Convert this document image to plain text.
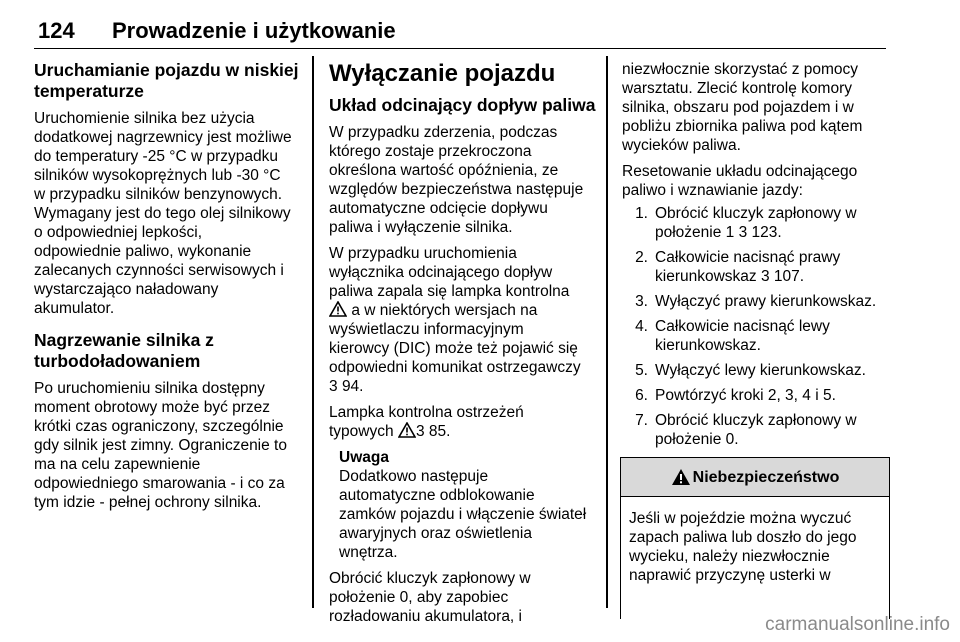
124 Prowadzenie i użytkowanie
Uruchamianie pojazdu w niskiej
temperaturze
Uruchomienie silnika bez użycia
dodatkowej nagrzewnicy jest możliwe
do temperatury -25 °C w przypadku
silników wysokoprężnych lub -30 °C
w przypadku silników benzynowych.
Wymagany jest do tego olej silnikowy
o odpowiedniej lepkości,
odpowiednie paliwo, wykonanie
zalecanych czynności serwisowych i
wystarczająco naładowany
akumulator.
Nagrzewanie silnika z
turbodoładowaniem
Po uruchomieniu silnika dostępny
moment obrotowy może być przez
krótki czas ograniczony, szczególnie
gdy silnik jest zimny. Ograniczenie to
ma na celu zapewnienie
odpowiedniego smarowania - i co za
tym idzie - pełnej ochrony silnika.
Wyłączanie pojazdu
Układ odcinający dopływ paliwa
W przypadku zderzenia, podczas
którego zostaje przekroczona
określona wartość opóźnienia, ze
względów bezpieczeństwa następuje
automatyczne odcięcie dopływu
paliwa i wyłączenie silnika.
W przypadku uruchomienia
wyłącznika odcinającego dopływ
paliwa zapala się lampka kontrolna
a w niektórych wersjach na
wyświetlaczu informacyjnym
kierowcy (DIC) może też pojawić się
odpowiedni komunikat ostrzegawczy
3 94.
Lampka kontrolna ostrzeżeń
typowych 3 85.
Uwaga
Dodatkowo następuje
automatyczne odblokowanie
zamków pojazdu i włączenie świateł
awaryjnych oraz oświetlenia
wnętrza.
Obrócić kluczyk zapłonowy w
położenie 0, aby zapobiec
rozładowaniu akumulatora, i
niezwłocznie skorzystać z pomocy
warsztatu. Zlecić kontrolę komory
silnika, obszaru pod pojazdem i w
pobliżu zbiornika paliwa pod kątem
wycieków paliwa.
Resetowanie układu odcinającego
paliwo i wznawianie jazdy:
1. Obrócić kluczyk zapłonowy w
położenie 1 3 123.
2. Całkowicie nacisnąć prawy
kierunkowskaz 3 107.
3. Wyłączyć prawy kierunkowskaz.
4. Całkowicie nacisnąć lewy
kierunkowskaz.
5. Wyłączyć lewy kierunkowskaz.
6. Powtórzyć kroki 2, 3, 4 i 5.
7. Obrócić kluczyk zapłonowy w
położenie 0.
Niebezpieczeństwo
Jeśli w pojeździe można wyczuć
zapach paliwa lub doszło do jego
wycieku, należy niezwłocznie
naprawić przyczynę usterki w
carmanualsonline.info
